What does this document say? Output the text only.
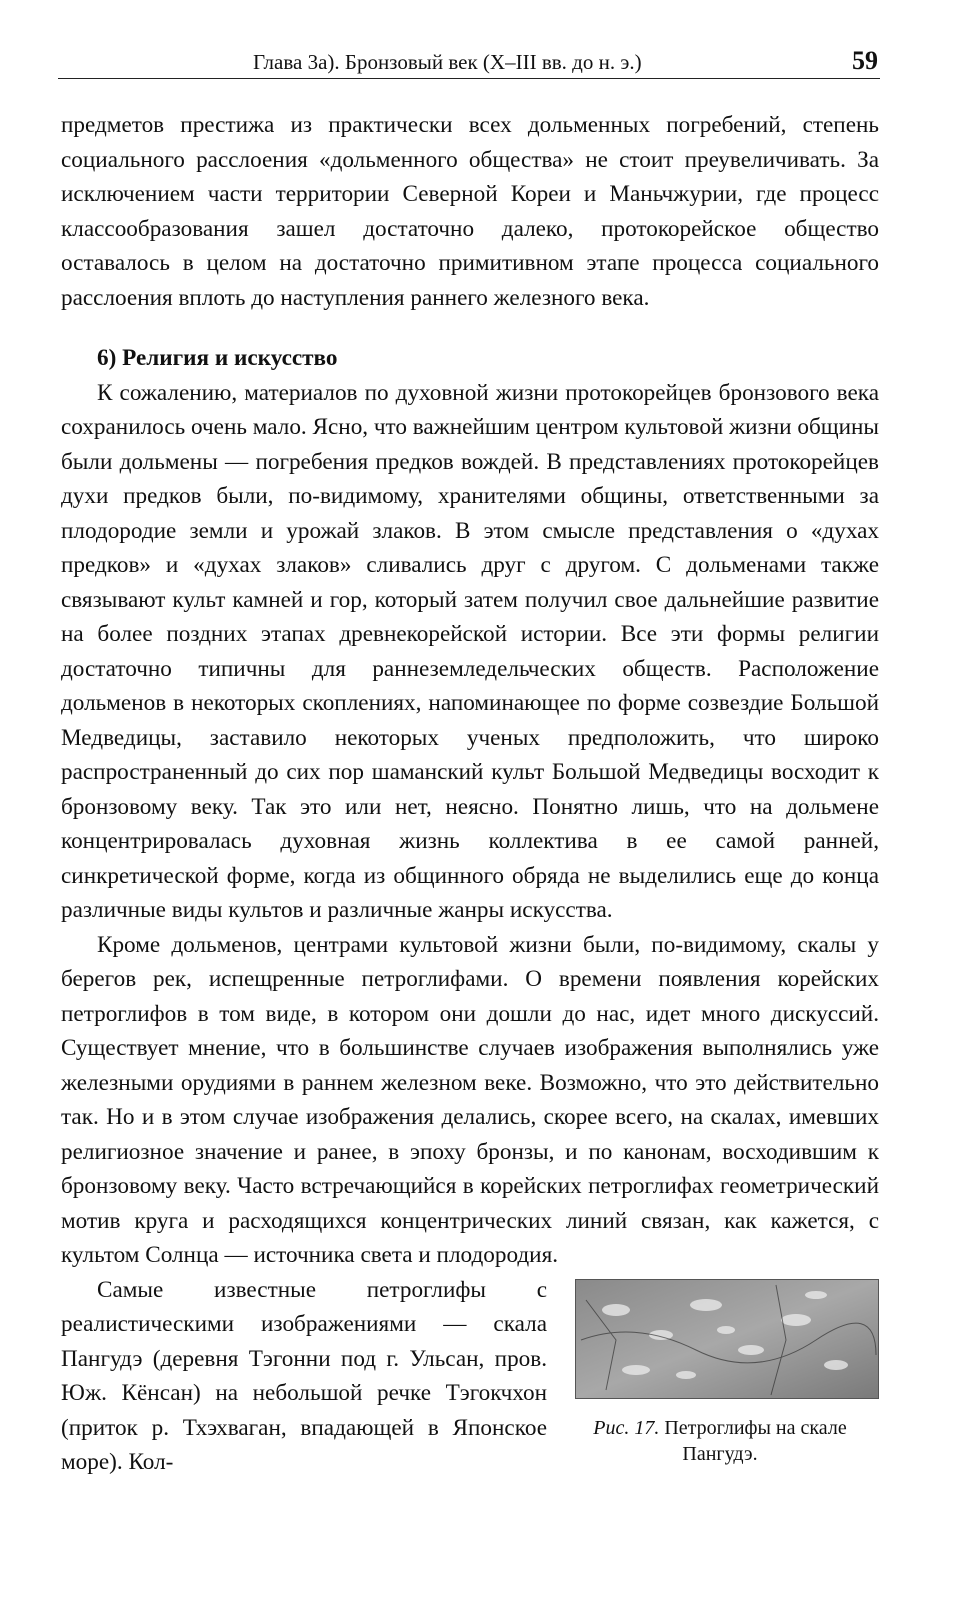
Глава 3а). Бронзовый век (X–III вв. до н. э.)	59

предметов престижа из практически всех дольменных погребений, степень социального расслоения «дольменного общества» не стоит преувеличивать. За исключением части территории Северной Кореи и Маньчжурии, где процесс классообразования зашел достаточно далеко, протокорейское общество оставалось в целом на достаточно примитивном этапе процесса социального расслоения вплоть до наступления раннего железного века.

6) Религия и искусство

К сожалению, материалов по духовной жизни протокорейцев бронзового века сохранилось очень мало. Ясно, что важнейшим центром культовой жизни общины были дольмены — погребения предков вождей. В представлениях протокорейцев духи предков были, по-видимому, хранителями общины, ответственными за плодородие земли и урожай злаков. В этом смысле представления о «духах предков» и «духах злаков» сливались друг с другом. С дольменами также связывают культ камней и гор, который затем получил свое дальнейшие развитие на более поздних этапах древнекорейской истории. Все эти формы религии достаточно типичны для раннеземледельческих обществ. Расположение дольменов в некоторых скоплениях, напоминающее по форме созвездие Большой Медведицы, заставило некоторых ученых предположить, что широко распространенный до сих пор шаманский культ Большой Медведицы восходит к бронзовому веку. Так это или нет, неясно. Понятно лишь, что на дольмене концентрировалась духовная жизнь коллектива в ее самой ранней, синкретической форме, когда из общинного обряда не выделились еще до конца различные виды культов и различные жанры искусства.

Кроме дольменов, центрами культовой жизни были, по-видимому, скалы у берегов рек, испещренные петроглифами. О времени появления корейских петроглифов в том виде, в котором они дошли до нас, идет много дискуссий. Существует мнение, что в большинстве случаев изображения выполнялись уже железными орудиями в раннем железном веке. Возможно, что это действительно так. Но и в этом случае изображения делались, скорее всего, на скалах, имевших религиозное значение и ранее, в эпоху бронзы, и по канонам, восходившим к бронзовому веку. Часто встречающийся в корейских петроглифах геометрический мотив круга и расходящихся концентрических линий связан, как кажется, с культом Солнца — источника света и плодородия.

Рис. 17. Петроглифы на скале Пангудэ.

Самые известные петроглифы с реалистическими изображениями — скала Пангудэ (деревня Тэгонни под г. Ульсан, пров. Юж. Кёнсан) на небольшой речке Тэгокчхон (приток р. Тхэхваган, впадающей в Японское море). Кол-
